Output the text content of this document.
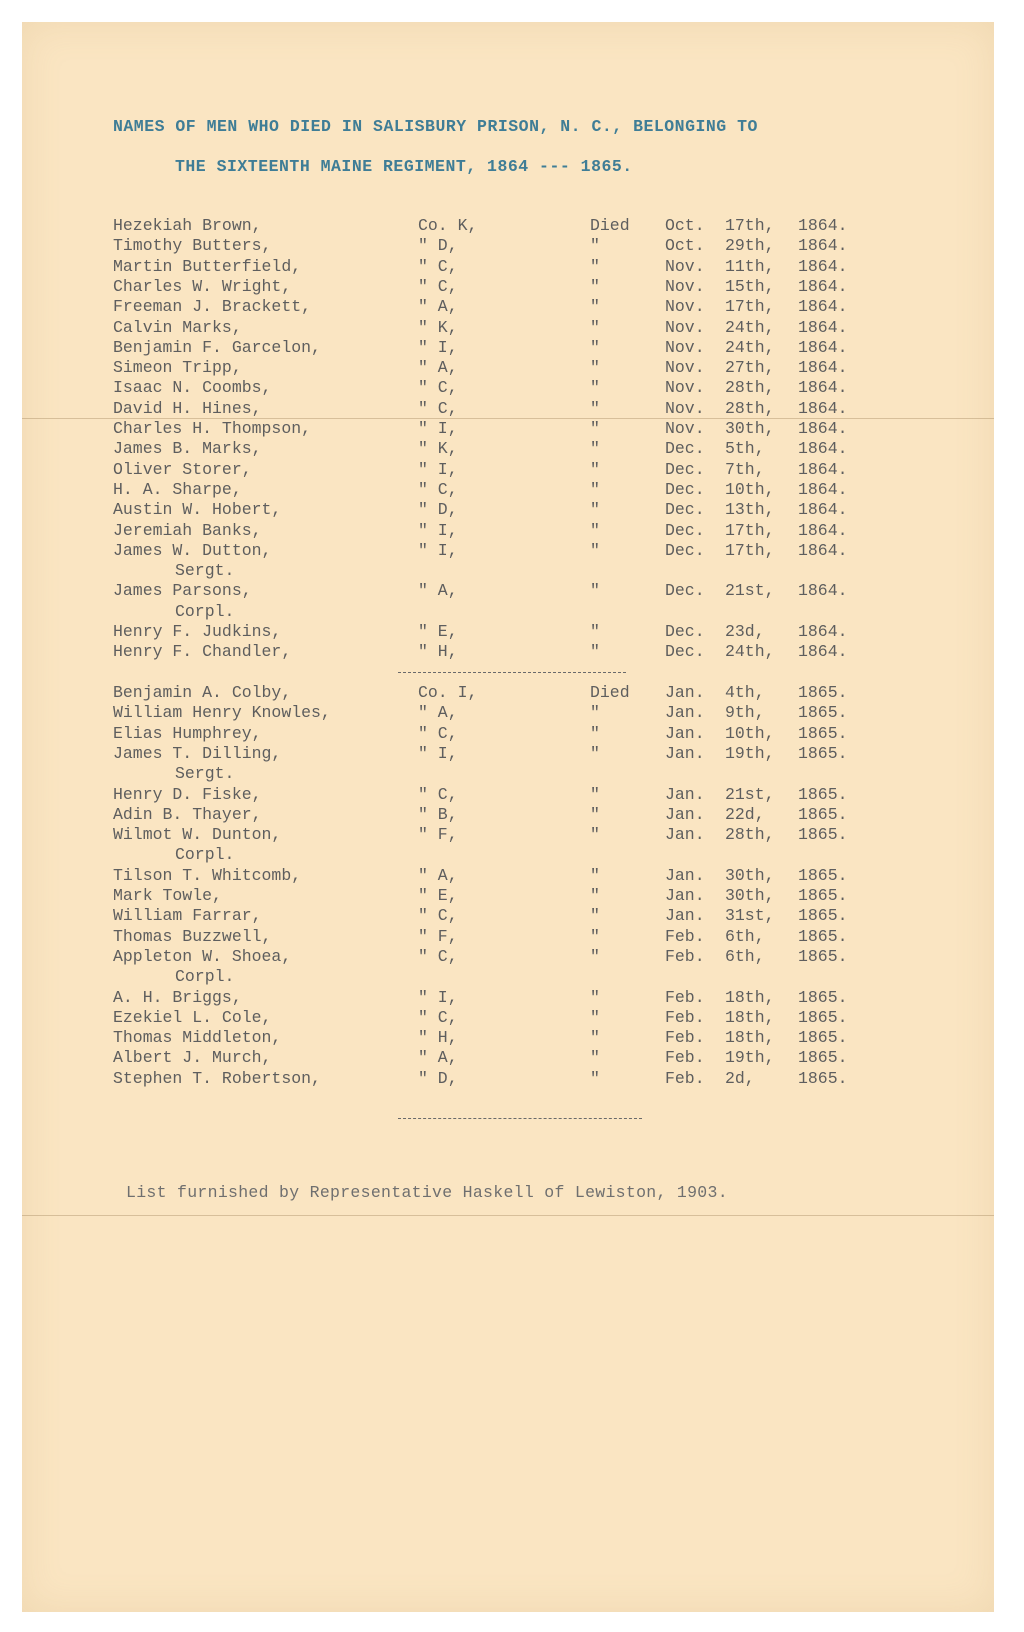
NAMES OF MEN WHO DIED IN SALISBURY PRISON, N. C., BELONGING TO
THE SIXTEENTH MAINE REGIMENT, 1864 --- 1865.
Hezekiah Brown,	Co. K,	Died Oct. 17th, 1864.
Timothy Butters,	" D,	"	Oct. 29th, 1864.
Martin Butterfield,	" C,	"	Nov. 11th, 1864.
Charles W. Wright,	" C,	"	Nov. 15th, 1864.
Freeman J. Brackett,	" A,	"	Nov. 17th, 1864.
Calvin Marks,	" K,	"	Nov. 24th, 1864.
Benjamin F. Garcelon,	" I,	"	Nov. 24th, 1864.
Simeon Tripp,	" A,	"	Nov. 27th, 1864.
Isaac N. Coombs,	" C,	"	Nov. 28th, 1864.
David H. Hines,	" C,	"	Nov. 28th, 1864.
Charles H. Thompson,	" I,	"	Nov. 30th, 1864.
James B. Marks,	" K,	"	Dec. 5th, 1864.
Oliver Storer,	" I,	"	Dec. 7th, 1864.
H. A. Sharpe,	" C,	"	Dec. 10th, 1864.
Austin W. Hobert,	" D,	"	Dec. 13th, 1864.
Jeremiah Banks,	" I,	"	Dec. 17th, 1864.
James W. Dutton,	" I,	"	Dec. 17th, 1864.
Sergt.
James Parsons,	" A,	"	Dec. 21st, 1864.
Corpl.
Henry F. Judkins,	" E,	"	Dec. 23d, 1864.
Henry F. Chandler,	" H,	"	Dec. 24th, 1864.
Benjamin A. Colby,	Co. I,	Died Jan. 4th, 1865.
William Henry Knowles,	" A,	"	Jan. 9th, 1865.
Elias Humphrey,	" C,	"	Jan. 10th, 1865.
James T. Dilling,	" I,	"	Jan. 19th, 1865.
Sergt.
Henry D. Fiske,	" C,	"	Jan. 21st, 1865.
Adin B. Thayer,	" B,	"	Jan. 22d, 1865.
Wilmot W. Dunton,	" F,	"	Jan. 28th, 1865.
Corpl.
Tilson T. Whitcomb,	" A,	"	Jan. 30th, 1865.
Mark Towle,	" E,	"	Jan. 30th, 1865.
William Farrar,	" C,	"	Jan. 31st, 1865.
Thomas Buzzwell,	" F,	"	Feb. 6th, 1865.
Appleton W. Shoea,	" C,	"	Feb. 6th, 1865.
Corpl.
A. H. Briggs,	" I,	"	Feb. 18th, 1865.
Ezekiel L. Cole,	" C,	"	Feb. 18th, 1865.
Thomas Middleton,	" H,	"	Feb. 18th, 1865.
Albert J. Murch,	" A,	"	Feb. 19th, 1865.
Stephen T. Robertson,	" D,	"	Feb. 2d,	1865.
List furnished by Representative Haskell of Lewiston, 1903.
